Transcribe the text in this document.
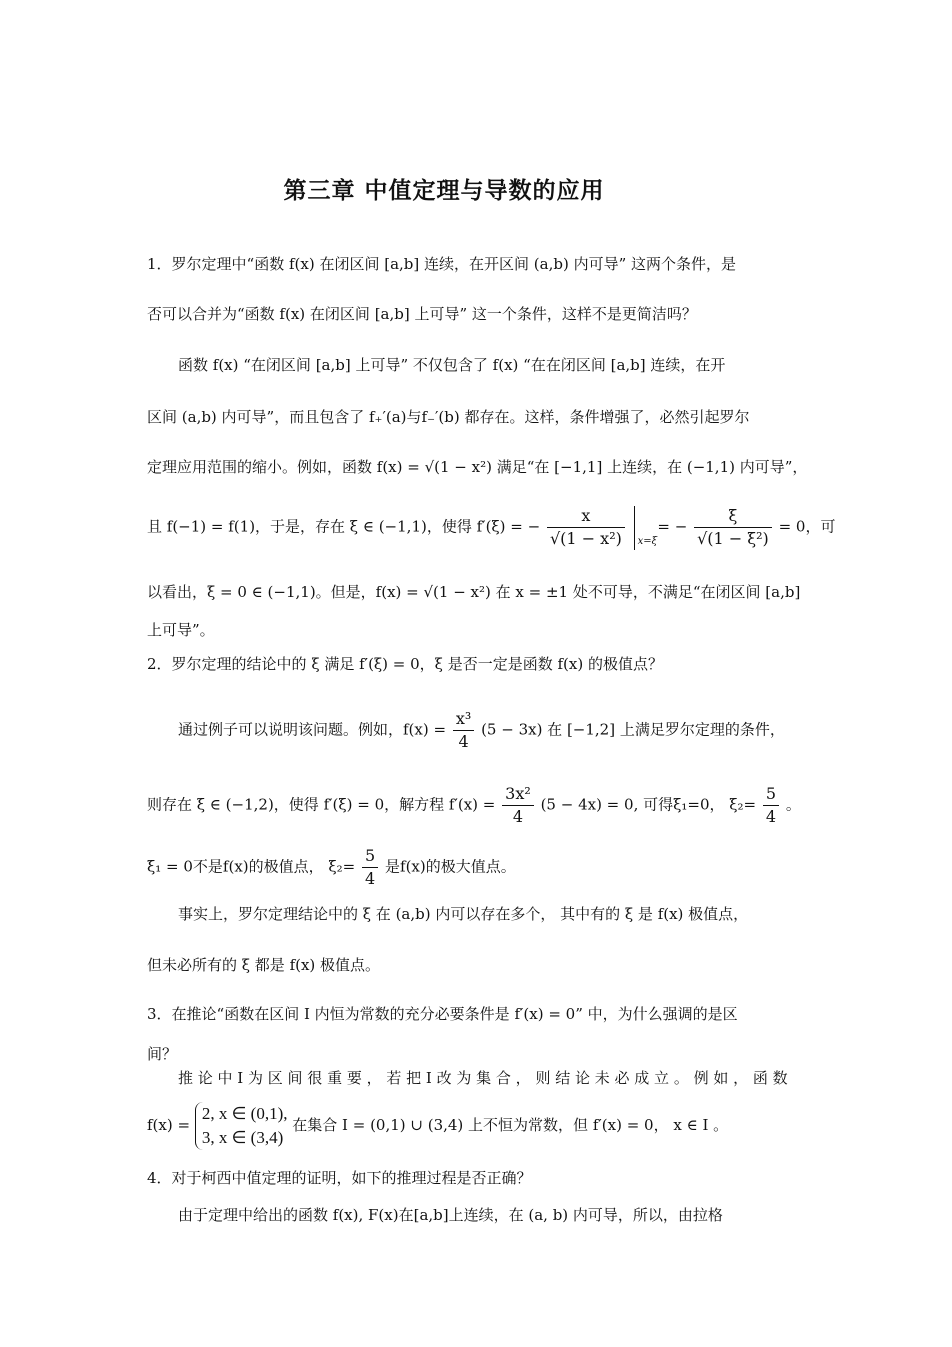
第三章 中值定理与导数的应用
1．罗尔定理中“函数 f(x) 在闭区间 [a,b] 连续，在开区间 (a,b) 内可导” 这两个条件，是
否可以合并为“函数 f(x) 在闭区间 [a,b] 上可导” 这一个条件，这样不是更简洁吗？
函数 f(x) “在闭区间 [a,b] 上可导” 不仅包含了 f(x) “在在闭区间 [a,b] 连续，在开
区间 (a,b) 内可导”，而且包含了 f₊′(a)与f₋′(b) 都存在。这样，条件增强了，必然引起罗尔
定理应用范围的缩小。例如，函数 f(x) = √(1 − x²) 满足“在 [−1,1] 上连续，在 (−1,1) 内可导”，
且 f(−1) = f(1)，于是，存在 ξ ∈ (−1,1)，使得 f′(ξ) = − $\frac{x}{\text{√(1 − x²)}}$
x=ξ
= − $\frac{\xi}{\text{√(1 − ξ²)}} = 0$，可
以看出，ξ = 0 ∈ (−1,1)。但是，f(x) = √(1 − x²) 在 x = ±1 处不可导，不满足“在闭区间 [a,b]
上可导”。
2．罗尔定理的结论中的 ξ 满足 f′(ξ) = 0，ξ 是否一定是函数 f(x) 的极值点？
通过例子可以说明该问题。例如，$f(x) = \frac{\text{x³}}{4} (5 - 3x)$ 在 [−1,2] 上满足罗尔定理的条件，
则存在 ξ ∈ (−1,2)，使得 f′(ξ) = 0，解方程 $f'(x) = \frac{\text{3x²}}{4} (5 - 4x) = 0$, 可得ξ₁=0， $\xi_2= \frac{5}{4}$ 。
ξ₁ = 0不是f(x)的极值点， $\xi_2= \frac{5}{4}$ 是f(x)的极大值点。
事实上，罗尔定理结论中的 ξ 在 (a,b) 内可以存在多个， 其中有的 ξ 是 f(x) 极值点，
但未必所有的 ξ 都是 f(x) 极值点。
3．在推论“函数在区间 I 内恒为常数的充分必要条件是 f′(x) = 0” 中，为什么强调的是区
间？
推 论 中 I 为 区 间 很 重 要 ， 若 把 I 改 为 集 合 ， 则 结 论 未 必 成 立 。 例 如 ， 函 数
f(x) =
2, x ∈ (0,1),
3, x ∈ (3,4)
在集合 I = (0,1) ∪ (3,4) 上不恒为常数，但 f′(x) = 0， x ∈ I 。
4．对于柯西中值定理的证明，如下的推理过程是否正确？
由于定理中给出的函数 f(x), F(x)在[a,b]上连续，在 (a, b) 内可导，所以，由拉格
